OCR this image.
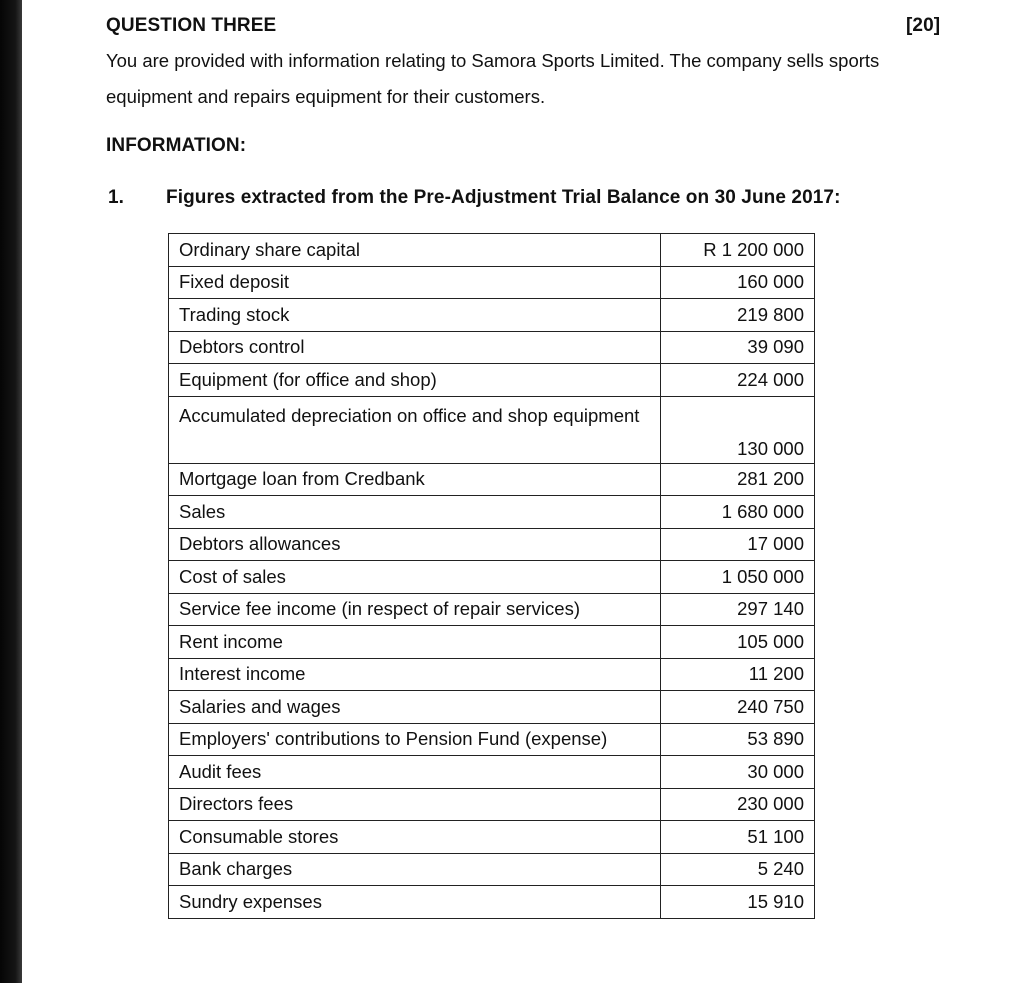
QUESTION THREE	[20]
You are provided with information relating to Samora Sports Limited. The company sells sports
equipment and repairs equipment for their customers.
INFORMATION:
1. Figures extracted from the Pre-Adjustment Trial Balance on 30 June 2017:
Ordinary share capital	R 1 200 000
Fixed deposit	160 000
Trading stock	219 800
Debtors control	39 090
Equipment (for office and shop)	224 000
Accumulated depreciation on office and shop equipment	130 000
Mortgage loan from Credbank	281 200
Sales	1 680 000
Debtors allowances	17 000
Cost of sales	1 050 000
Service fee income (in respect of repair services)	297 140
Rent income	105 000
Interest income	11 200
Salaries and wages	240 750
Employers' contributions to Pension Fund (expense)	53 890
Audit fees	30 000
Directors fees	230 000
Consumable stores	51 100
Bank charges	5 240
Sundry expenses	15 910
